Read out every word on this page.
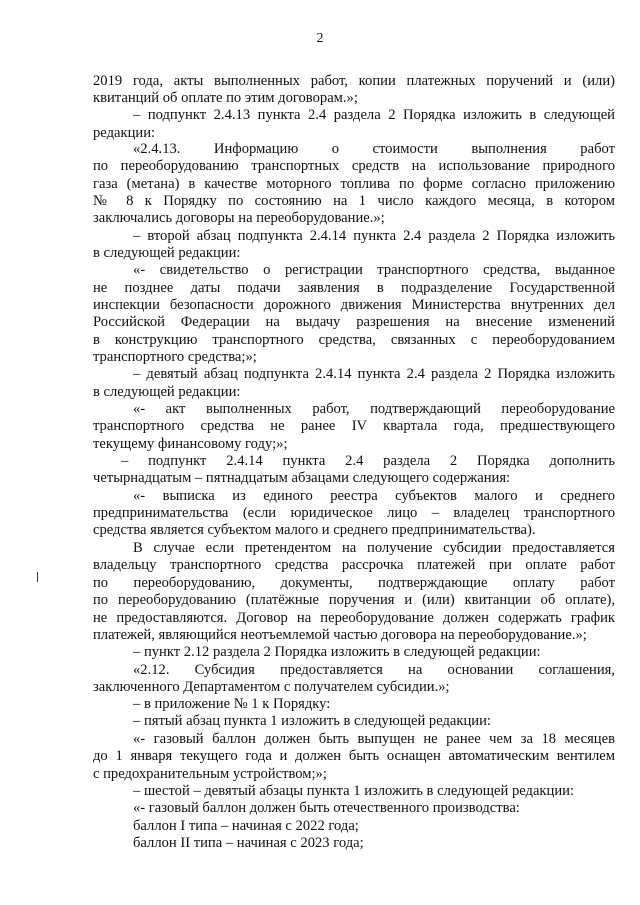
2
2019 года, акты выполненных работ, копии платежных поручений и (или)
квитанций об оплате по этим договорам.»;
– подпункт 2.4.13 пункта 2.4 раздела 2 Порядка изложить в следующей
редакции:
«2.4.13. Информацию о стоимости выполнения работ
по переоборудованию транспортных средств на использование природного
газа (метана) в качестве моторного топлива по форме согласно приложению
№ 8 к Порядку по состоянию на 1 число каждого месяца, в котором
заключались договоры на переоборудование.»;
– второй абзац подпункта 2.4.14 пункта 2.4 раздела 2 Порядка изложить
в следующей редакции:
«- свидетельство о регистрации транспортного средства, выданное
не позднее даты подачи заявления в подразделение Государственной
инспекции безопасности дорожного движения Министерства внутренних дел
Российской Федерации на выдачу разрешения на внесение изменений
в конструкцию транспортного средства, связанных с переоборудованием
транспортного средства;»;
– девятый абзац подпункта 2.4.14 пункта 2.4 раздела 2 Порядка изложить
в следующей редакции:
«- акт выполненных работ, подтверждающий переоборудование
транспортного средства не ранее IV квартала года, предшествующего
текущему финансовому году;»;
– подпункт 2.4.14 пункта 2.4 раздела 2 Порядка дополнить
четырнадцатым – пятнадцатым абзацами следующего содержания:
«- выписка из единого реестра субъектов малого и среднего
предпринимательства (если юридическое лицо – владелец транспортного
средства является субъектом малого и среднего предпринимательства).
В случае если претендентом на получение субсидии предоставляется
владельцу транспортного средства рассрочка платежей при оплате работ
по переоборудованию, документы, подтверждающие оплату работ
по переоборудованию (платёжные поручения и (или) квитанции об оплате),
не предоставляются. Договор на переоборудование должен содержать график
платежей, являющийся неотъемлемой частью договора на переоборудование.»;
– пункт 2.12 раздела 2 Порядка изложить в следующей редакции:
«2.12. Субсидия предоставляется на основании соглашения,
заключенного Департаментом с получателем субсидии.»;
– в приложение № 1 к Порядку:
– пятый абзац пункта 1 изложить в следующей редакции:
«- газовый баллон должен быть выпущен не ранее чем за 18 месяцев
до 1 января текущего года и должен быть оснащен автоматическим вентилем
с предохранительным устройством;»;
– шестой – девятый абзацы пункта 1 изложить в следующей редакции:
«- газовый баллон должен быть отечественного производства:
баллон I типа – начиная с 2022 года;
баллон II типа – начиная с 2023 года;
